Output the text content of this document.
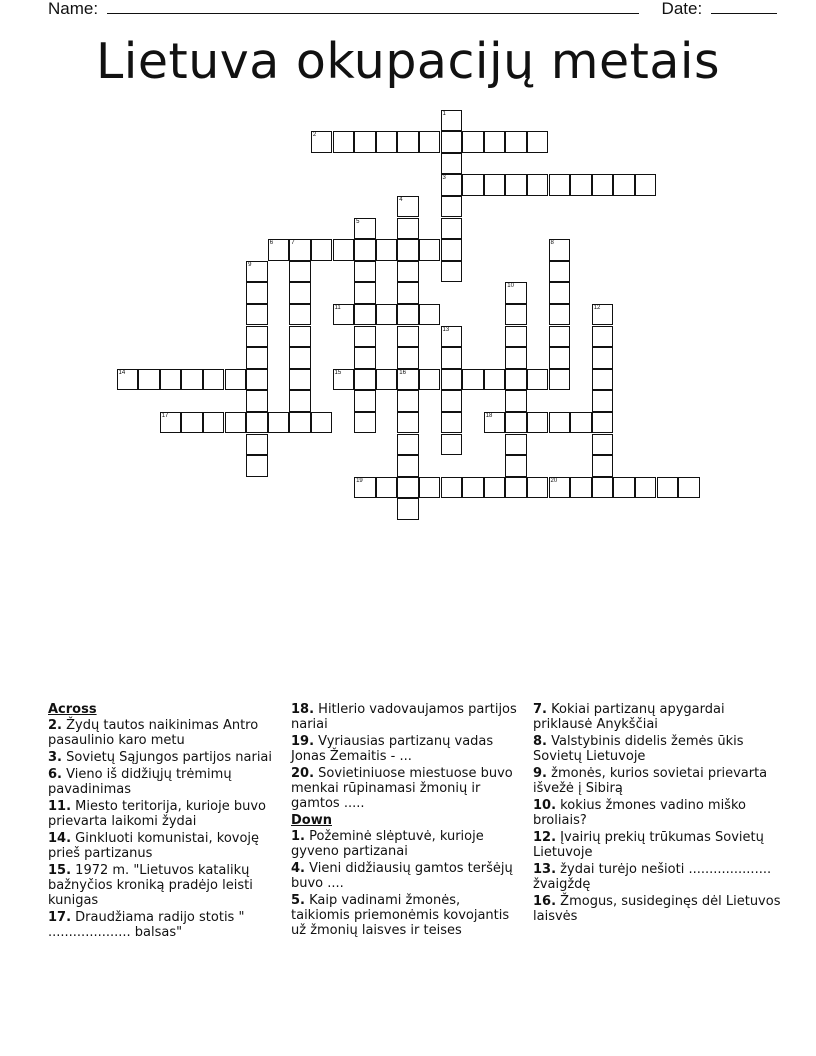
Name:	Date:
Lietuva okupacijų metais
2
3
6	7
11
14	15	16
17	18
19	20
1
4
5
8
9
10
12
13
Across
2. Žydų tautos naikinimas Antro pasaulinio karo metu
3. Sovietų Sąjungos partijos nariai
6. Vieno iš didžiųjų trėmimų pavadinimas
11. Miesto teritorija, kurioje buvo prievarta laikomi žydai
14. Ginkluoti komunistai, kovoję prieš partizanus
15. 1972 m. "Lietuvos katalikų bažnyčios kroniką pradėjo leisti kunigas
17. Draudžiama radijo stotis " .................... balsas"
18. Hitlerio vadovaujamos partijos nariai
19. Vyriausias partizanų vadas Jonas Žemaitis - ...
20. Sovietiniuose miestuose buvo menkai rūpinamasi žmonių ir gamtos .....
Down
1. Požeminė slėptuvė, kurioje gyveno partizanai
4. Vieni didžiausių gamtos teršėjų buvo ....
5. Kaip vadinami žmonės, taikiomis priemonėmis kovojantis už žmonių laisves ir teises
7. Kokiai partizanų apygardai priklausė Anykščiai
8. Valstybinis didelis žemės ūkis Sovietų Lietuvoje
9. žmonės, kurios sovietai prievarta išvežė į Sibirą
10. kokius žmones vadino miško broliais?
12. Įvairių prekių trūkumas Sovietų Lietuvoje
13. žydai turėjo nešioti .................... žvaigždę
16. Žmogus, susideginęs dėl Lietuvos laisvės
